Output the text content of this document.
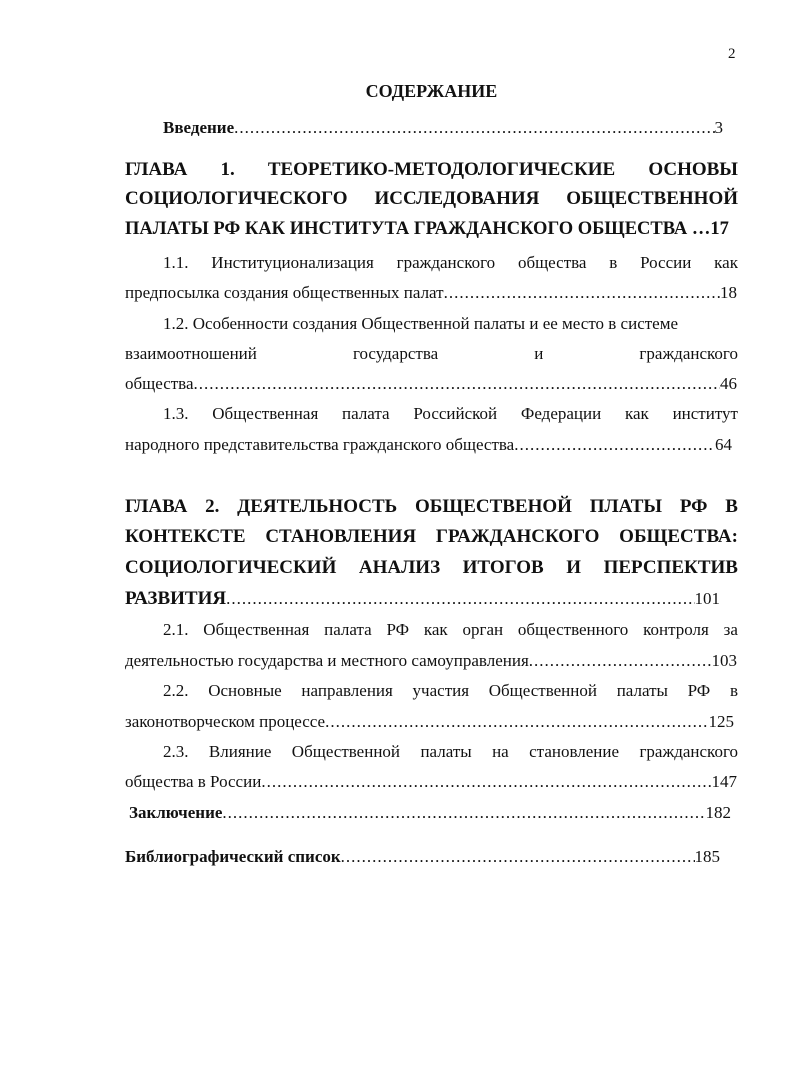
2
СОДЕРЖАНИЕ
Введение .....	3
ГЛАВА 1. ТЕОРЕТИКО-МЕТОДОЛОГИЧЕСКИЕ ОСНОВЫ
СОЦИОЛОГИЧЕСКОГО ИССЛЕДОВАНИЯ ОБЩЕСТВЕННОЙ
ПАЛАТЫ РФ КАК ИНСТИТУТА ГРАЖДАНСКОГО ОБЩЕСТВА …17
1.1. Институционализация гражданского общества в России как
предпосылка создания общественных палат .....	18
1.2. Особенности создания Общественной палаты и ее место в системе
взаимоотношений	государства	и	гражданского
общества .....	46
1.3. Общественная палата Российской Федерации как институт
народного представительства гражданского общества .....	64
ГЛАВА 2. ДЕЯТЕЛЬНОСТЬ ОБЩЕСТВЕНОЙ ПЛАТЫ РФ В
КОНТЕКСТЕ СТАНОВЛЕНИЯ ГРАЖДАНСКОГО ОБЩЕСТВА:
СОЦИОЛОГИЧЕСКИЙ АНАЛИЗ ИТОГОВ И ПЕРСПЕКТИВ
РАЗВИТИЯ .....	101
2.1. Общественная палата РФ как орган общественного контроля за
деятельностью государства и местного самоуправления .....	103
2.2. Основные направления участия Общественной палаты РФ в
законотворческом процессе .....	125
2.3. Влияние Общественной палаты на становление гражданского
общества в России .....	147
Заключение .....	182
Библиографический список .....	185
